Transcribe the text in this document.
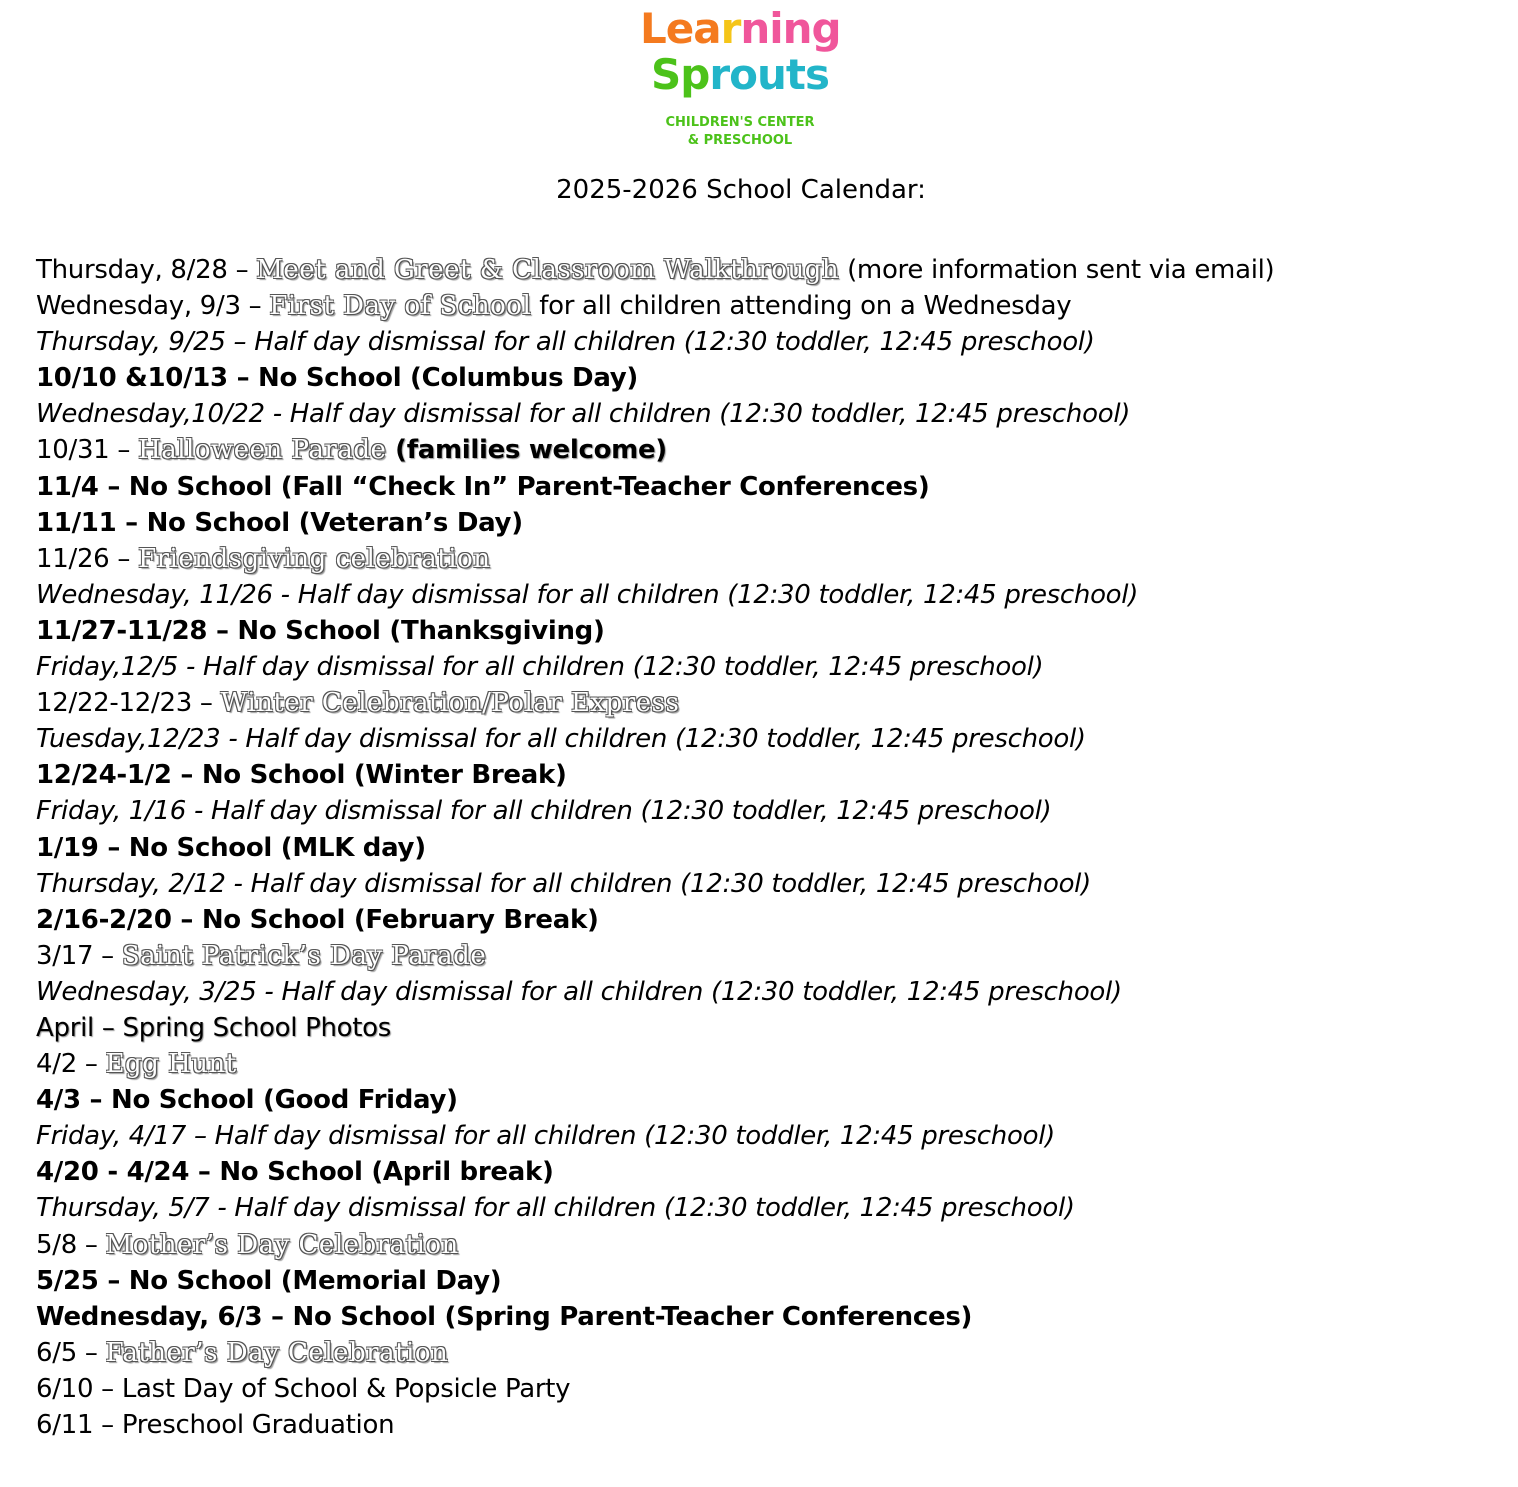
Learning
Sprouts
CHILDREN'S CENTER
& PRESCHOOL
2025-2026 School Calendar:
Thursday, 8/28 – Meet and Greet & Classroom Walkthrough (more information sent via email)
Wednesday, 9/3 – First Day of School for all children attending on a Wednesday
Thursday, 9/25 – Half day dismissal for all children (12:30 toddler, 12:45 preschool)
10/10 &10/13 – No School (Columbus Day)
Wednesday,10/22 - Half day dismissal for all children (12:30 toddler, 12:45 preschool)
10/31 – Halloween Parade (families welcome)
11/4 – No School (Fall “Check In” Parent-Teacher Conferences)
11/11 – No School (Veteran’s Day)
11/26 – Friendsgiving celebration
Wednesday, 11/26 - Half day dismissal for all children (12:30 toddler, 12:45 preschool)
11/27-11/28 – No School (Thanksgiving)
Friday,12/5 - Half day dismissal for all children (12:30 toddler, 12:45 preschool)
12/22-12/23 – Winter Celebration/Polar Express
Tuesday,12/23 - Half day dismissal for all children (12:30 toddler, 12:45 preschool)
12/24-1/2 – No School (Winter Break)
Friday, 1/16 - Half day dismissal for all children (12:30 toddler, 12:45 preschool)
1/19 – No School (MLK day)
Thursday, 2/12 - Half day dismissal for all children (12:30 toddler, 12:45 preschool)
2/16-2/20 – No School (February Break)
3/17 – Saint Patrick’s Day Parade
Wednesday, 3/25 - Half day dismissal for all children (12:30 toddler, 12:45 preschool)
April – Spring School Photos
4/2 – Egg Hunt
4/3 – No School (Good Friday)
Friday, 4/17 – Half day dismissal for all children (12:30 toddler, 12:45 preschool)
4/20 - 4/24 – No School (April break)
Thursday, 5/7 - Half day dismissal for all children (12:30 toddler, 12:45 preschool)
5/8 – Mother’s Day Celebration
5/25 – No School (Memorial Day)
Wednesday, 6/3 – No School (Spring Parent-Teacher Conferences)
6/5 – Father’s Day Celebration
6/10 – Last Day of School & Popsicle Party
6/11 – Preschool Graduation
